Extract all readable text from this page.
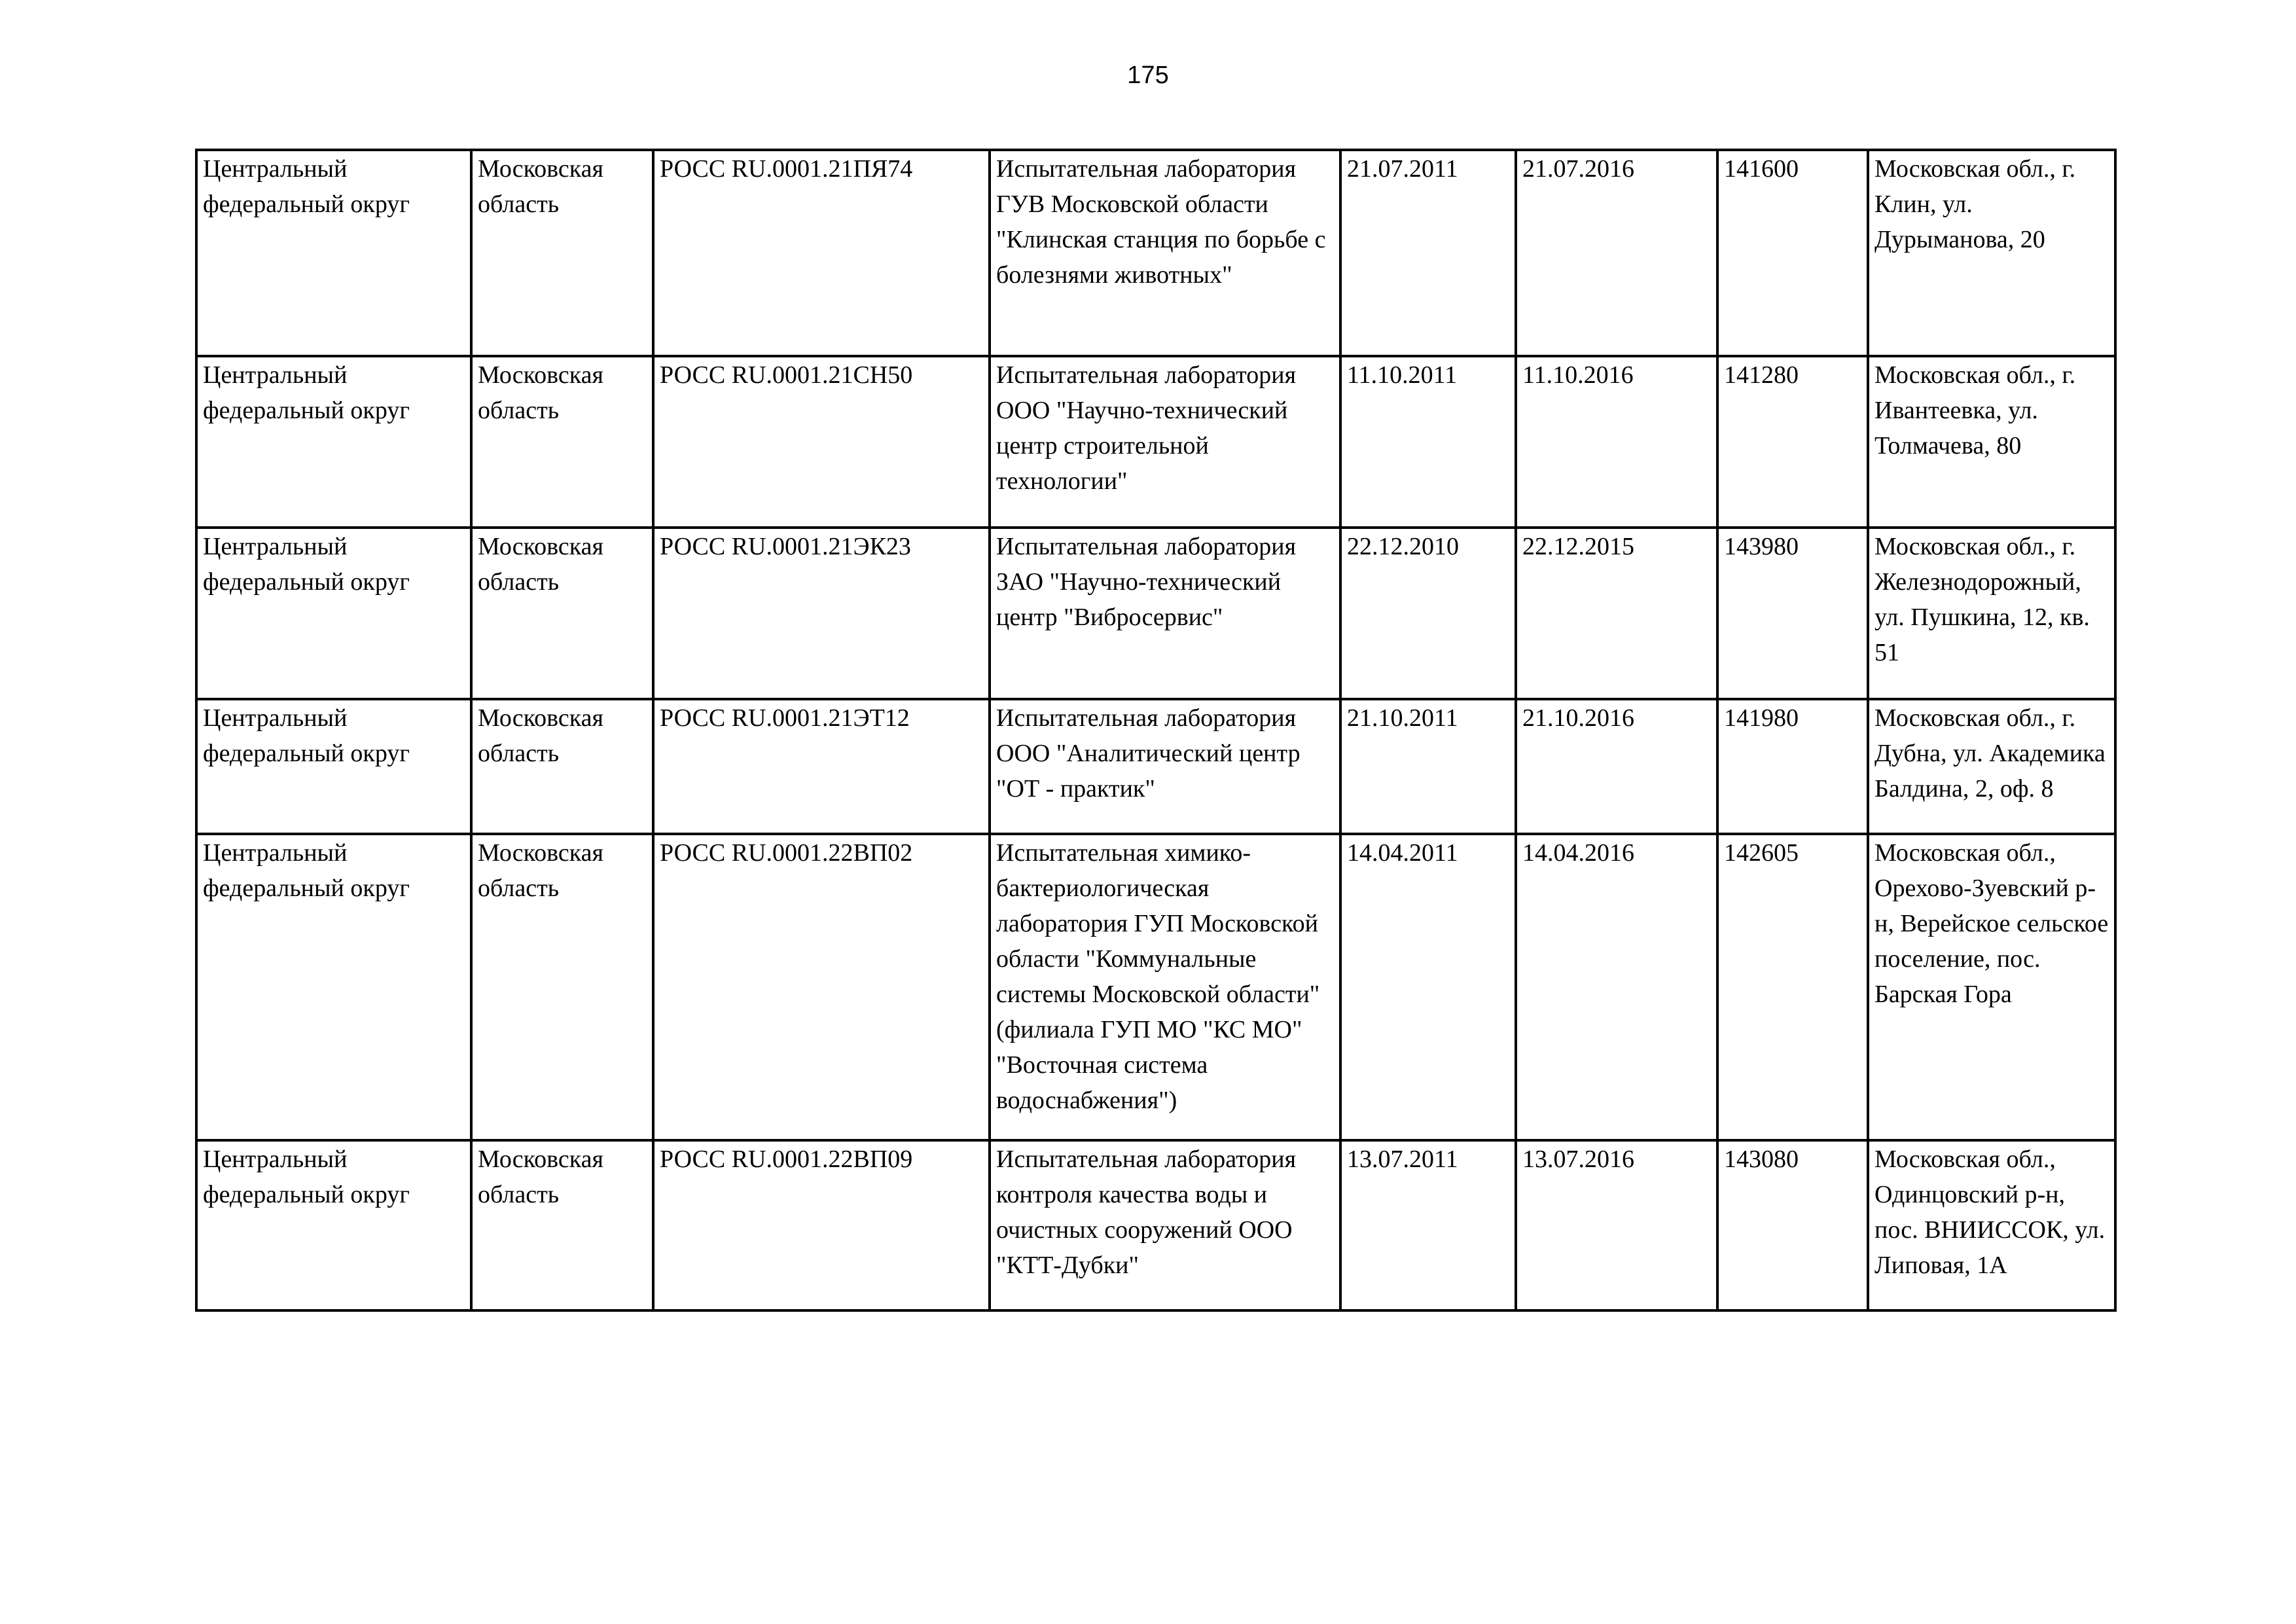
175
Центральный федеральный округ	Московская область	РОСС RU.0001.21ПЯ74	Испытательная лаборатория ГУВ Московской области "Клинская станция по борьбе с болезнями животных"	21.07.2011	21.07.2016	141600	Московская обл., г. Клин, ул. Дурыманова, 20

Центральный федеральный округ	Московская область	РОСС RU.0001.21СН50	Испытательная лаборатория ООО "Научно-технический центр строительной технологии"	11.10.2011	11.10.2016	141280	Московская обл., г. Ивантеевка, ул. Толмачева, 80

Центральный федеральный округ	Московская область	РОСС RU.0001.21ЭК23	Испытательная лаборатория ЗАО "Научно-технический центр "Вибросервис"	22.12.2010	22.12.2015	143980	Московская обл., г. Железнодорожный, ул. Пушкина, 12, кв. 51

Центральный федеральный округ	Московская область	РОСС RU.0001.21ЭТ12	Испытательная лаборатория ООО "Аналитический центр "ОТ - практик"	21.10.2011	21.10.2016	141980	Московская обл., г. Дубна, ул. Академика Балдина, 2, оф. 8

Центральный федеральный округ	Московская область	РОСС RU.0001.22ВП02	Испытательная химико-бактериологическая лаборатория ГУП Московской области "Коммунальные системы Московской области" (филиала ГУП МО "КС МО" "Восточная система водоснабжения")	14.04.2011	14.04.2016	142605	Московская обл., Орехово-Зуевский р-н, Верейское сельское поселение, пос. Барская Гора

Центральный федеральный округ	Московская область	РОСС RU.0001.22ВП09	Испытательная лаборатория контроля качества воды и очистных сооружений ООО "КТТ-Дубки"	13.07.2011	13.07.2016	143080	Московская обл., Одинцовский р-н, пос. ВНИИССОК, ул. Липовая, 1А
